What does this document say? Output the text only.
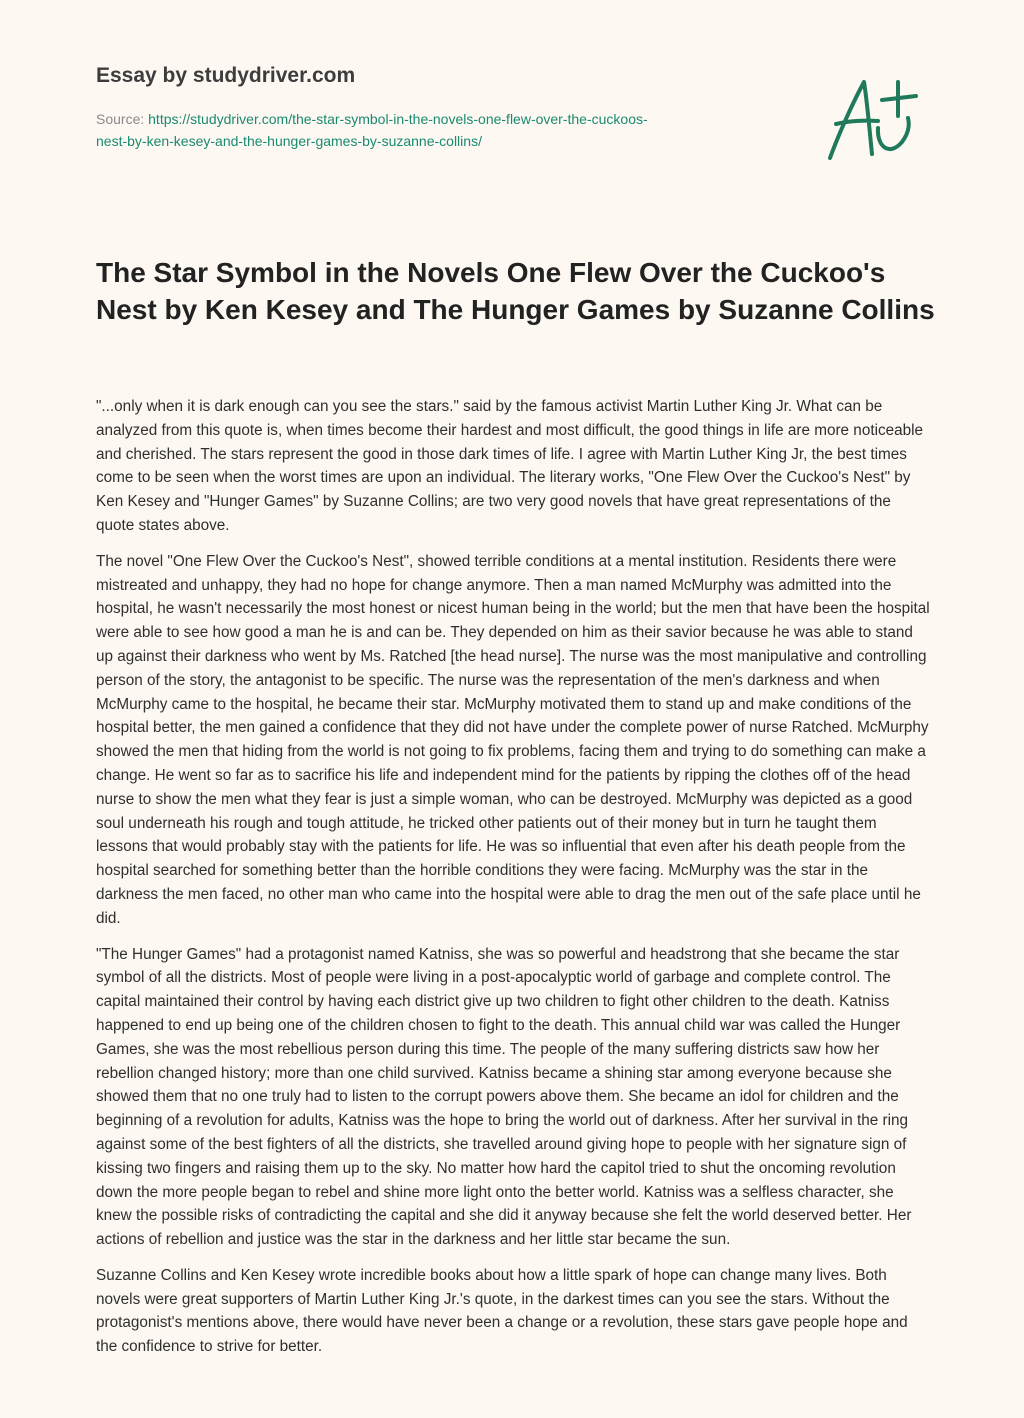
Essay by studydriver.com
Source: https://studydriver.com/the-star-symbol-in-the-novels-one-flew-over-the-cuckoos-
nest-by-ken-kesey-and-the-hunger-games-by-suzanne-collins/
The Star Symbol in the Novels One Flew Over the Cuckoo's Nest by Ken Kesey and The Hunger Games by Suzanne Collins

"...only when it is dark enough can you see the stars." said by the famous activist Martin Luther King Jr. What can be analyzed from this quote is, when times become their hardest and most difficult, the good things in life are more noticeable and cherished. The stars represent the good in those dark times of life. I agree with Martin Luther King Jr, the best times come to be seen when the worst times are upon an individual. The literary works, "One Flew Over the Cuckoo's Nest" by Ken Kesey and "Hunger Games" by Suzanne Collins; are two very good novels that have great representations of the quote states above.

The novel "One Flew Over the Cuckoo's Nest", showed terrible conditions at a mental institution. Residents there were mistreated and unhappy, they had no hope for change anymore. Then a man named McMurphy was admitted into the hospital, he wasn't necessarily the most honest or nicest human being in the world; but the men that have been the hospital were able to see how good a man he is and can be. They depended on him as their savior because he was able to stand up against their darkness who went by Ms. Ratched [the head nurse]. The nurse was the most manipulative and controlling person of the story, the antagonist to be specific. The nurse was the representation of the men's darkness and when McMurphy came to the hospital, he became their star. McMurphy motivated them to stand up and make conditions of the hospital better, the men gained a confidence that they did not have under the complete power of nurse Ratched. McMurphy showed the men that hiding from the world is not going to fix problems, facing them and trying to do something can make a change. He went so far as to sacrifice his life and independent mind for the patients by ripping the clothes off of the head nurse to show the men what they fear is just a simple woman, who can be destroyed. McMurphy was depicted as a good soul underneath his rough and tough attitude, he tricked other patients out of their money but in turn he taught them lessons that would probably stay with the patients for life. He was so influential that even after his death people from the hospital searched for something better than the horrible conditions they were facing. McMurphy was the star in the darkness the men faced, no other man who came into the hospital were able to drag the men out of the safe place until he did.

"The Hunger Games" had a protagonist named Katniss, she was so powerful and headstrong that she became the star symbol of all the districts. Most of people were living in a post-apocalyptic world of garbage and complete control. The capital maintained their control by having each district give up two children to fight other children to the death. Katniss happened to end up being one of the children chosen to fight to the death. This annual child war was called the Hunger Games, she was the most rebellious person during this time. The people of the many suffering districts saw how her rebellion changed history; more than one child survived. Katniss became a shining star among everyone because she showed them that no one truly had to listen to the corrupt powers above them. She became an idol for children and the beginning of a revolution for adults, Katniss was the hope to bring the world out of darkness. After her survival in the ring against some of the best fighters of all the districts, she travelled around giving hope to people with her signature sign of kissing two fingers and raising them up to the sky. No matter how hard the capitol tried to shut the oncoming revolution down the more people began to rebel and shine more light onto the better world. Katniss was a selfless character, she knew the possible risks of contradicting the capital and she did it anyway because she felt the world deserved better. Her actions of rebellion and justice was the star in the darkness and her little star became the sun.

Suzanne Collins and Ken Kesey wrote incredible books about how a little spark of hope can change many lives. Both novels were great supporters of Martin Luther King Jr.'s quote, in the darkest times can you see the stars. Without the protagonist's mentions above, there would have never been a change or a revolution, these stars gave people hope and the confidence to strive for better.
